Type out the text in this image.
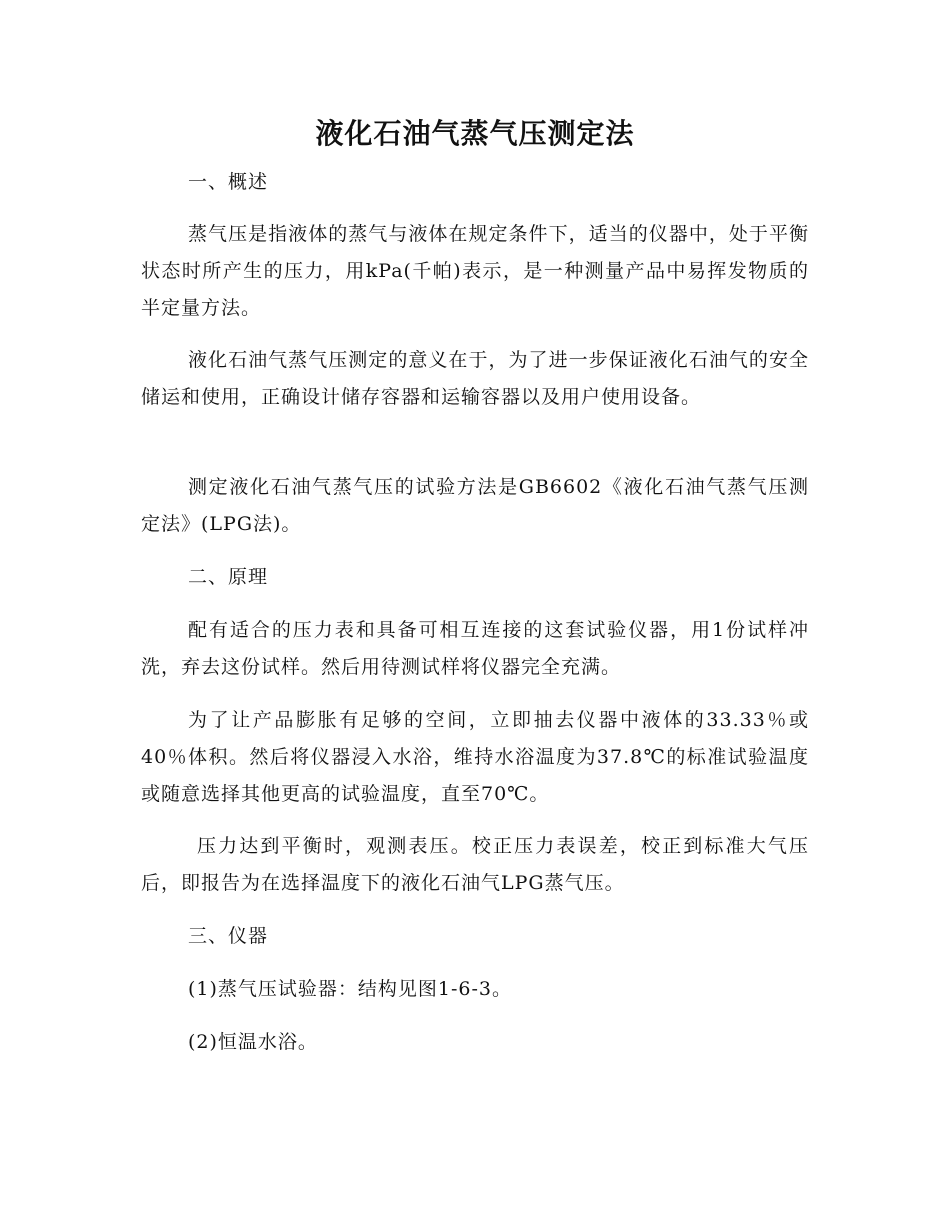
液化石油气蒸气压测定法
一、概述
蒸气压是指液体的蒸气与液体在规定条件下，适当的仪器中，处于平衡状态时所产生的压力，用kPa(千帕)表示，是一种测量产品中易挥发物质的半定量方法。
液化石油气蒸气压测定的意义在于，为了进一步保证液化石油气的安全储运和使用，正确设计储存容器和运输容器以及用户使用设备。
测定液化石油气蒸气压的试验方法是GB6602《液化石油气蒸气压测定法》(LPG法)。
二、原理
配有适合的压力表和具备可相互连接的这套试验仪器，用1份试样冲洗，弃去这份试样。然后用待测试样将仪器完全充满。
为了让产品膨胀有足够的空间，立即抽去仪器中液体的33.33％或40％体积。然后将仪器浸入水浴，维持水浴温度为37.8℃的标准试验温度或随意选择其他更高的试验温度，直至70℃。
压力达到平衡时，观测表压。校正压力表误差，校正到标准大气压后，即报告为在选择温度下的液化石油气LPG蒸气压。
三、仪器
(1)蒸气压试验器：结构见图1-6-3。
(2)恒温水浴。
